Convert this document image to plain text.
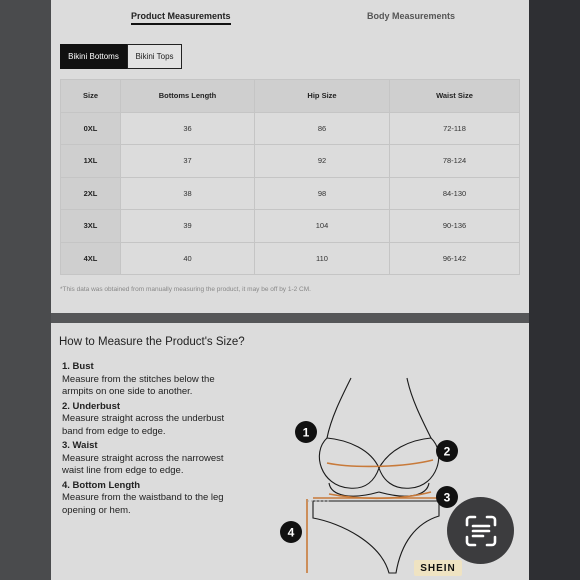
Product Measurements	Body Measurements
Bikini Bottoms	Bikini Tops
Size	Bottoms Length	Hip Size	Waist Size
0XL	36	86	72-118
1XL	37	92	78-124
2XL	38	98	84-130
3XL	39	104	90-136
4XL	40	110	96-142
*This data was obtained from manually measuring the product, it may be off by 1-2 CM.
How to Measure the Product's Size?
1. Bust
Measure from the stitches below the armpits on one side to another.
2. Underbust
Measure straight across the underbust band from edge to edge.
3. Waist
Measure straight across the narrowest waist line from edge to edge.
4. Bottom Length
Measure from the waistband to the leg opening or hem.
1
2
3
4
SHEIN
